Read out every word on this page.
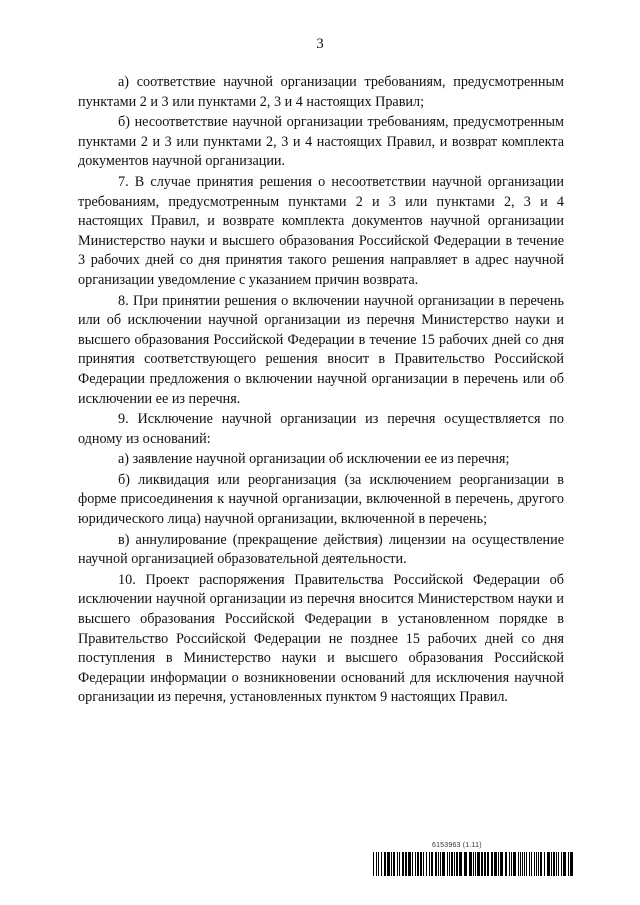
3

а) соответствие научной организации требованиям, предусмотренным пунктами 2 и 3 или пунктами 2, 3 и 4 настоящих Правил;

б) несоответствие научной организации требованиям, предусмотренным пунктами 2 и 3 или пунктами 2, 3 и 4 настоящих Правил, и возврат комплекта документов научной организации.

7. В случае принятия решения о несоответствии научной организации требованиям, предусмотренным пунктами 2 и 3 или пунктами 2, 3 и 4 настоящих Правил, и возврате комплекта документов научной организации Министерство науки и высшего образования Российской Федерации в течение 3 рабочих дней со дня принятия такого решения направляет в адрес научной организации уведомление с указанием причин возврата.

8. При принятии решения о включении научной организации в перечень или об исключении научной организации из перечня Министерство науки и высшего образования Российской Федерации в течение 15 рабочих дней со дня принятия соответствующего решения вносит в Правительство Российской Федерации предложения о включении научной организации в перечень или об исключении ее из перечня.

9. Исключение научной организации из перечня осуществляется по одному из оснований:

а) заявление научной организации об исключении ее из перечня;

б) ликвидация или реорганизация (за исключением реорганизации в форме присоединения к научной организации, включенной в перечень, другого юридического лица) научной организации, включенной в перечень;

в) аннулирование (прекращение действия) лицензии на осуществление научной организацией образовательной деятельности.

10. Проект распоряжения Правительства Российской Федерации об исключении научной организации из перечня вносится Министерством науки и высшего образования Российской Федерации в установленном порядке в Правительство Российской Федерации не позднее 15 рабочих дней со дня поступления в Министерство науки и высшего образования Российской Федерации информации о возникновении оснований для исключения научной организации из перечня, установленных пунктом 9 настоящих Правил.

6153963 (1.11)
